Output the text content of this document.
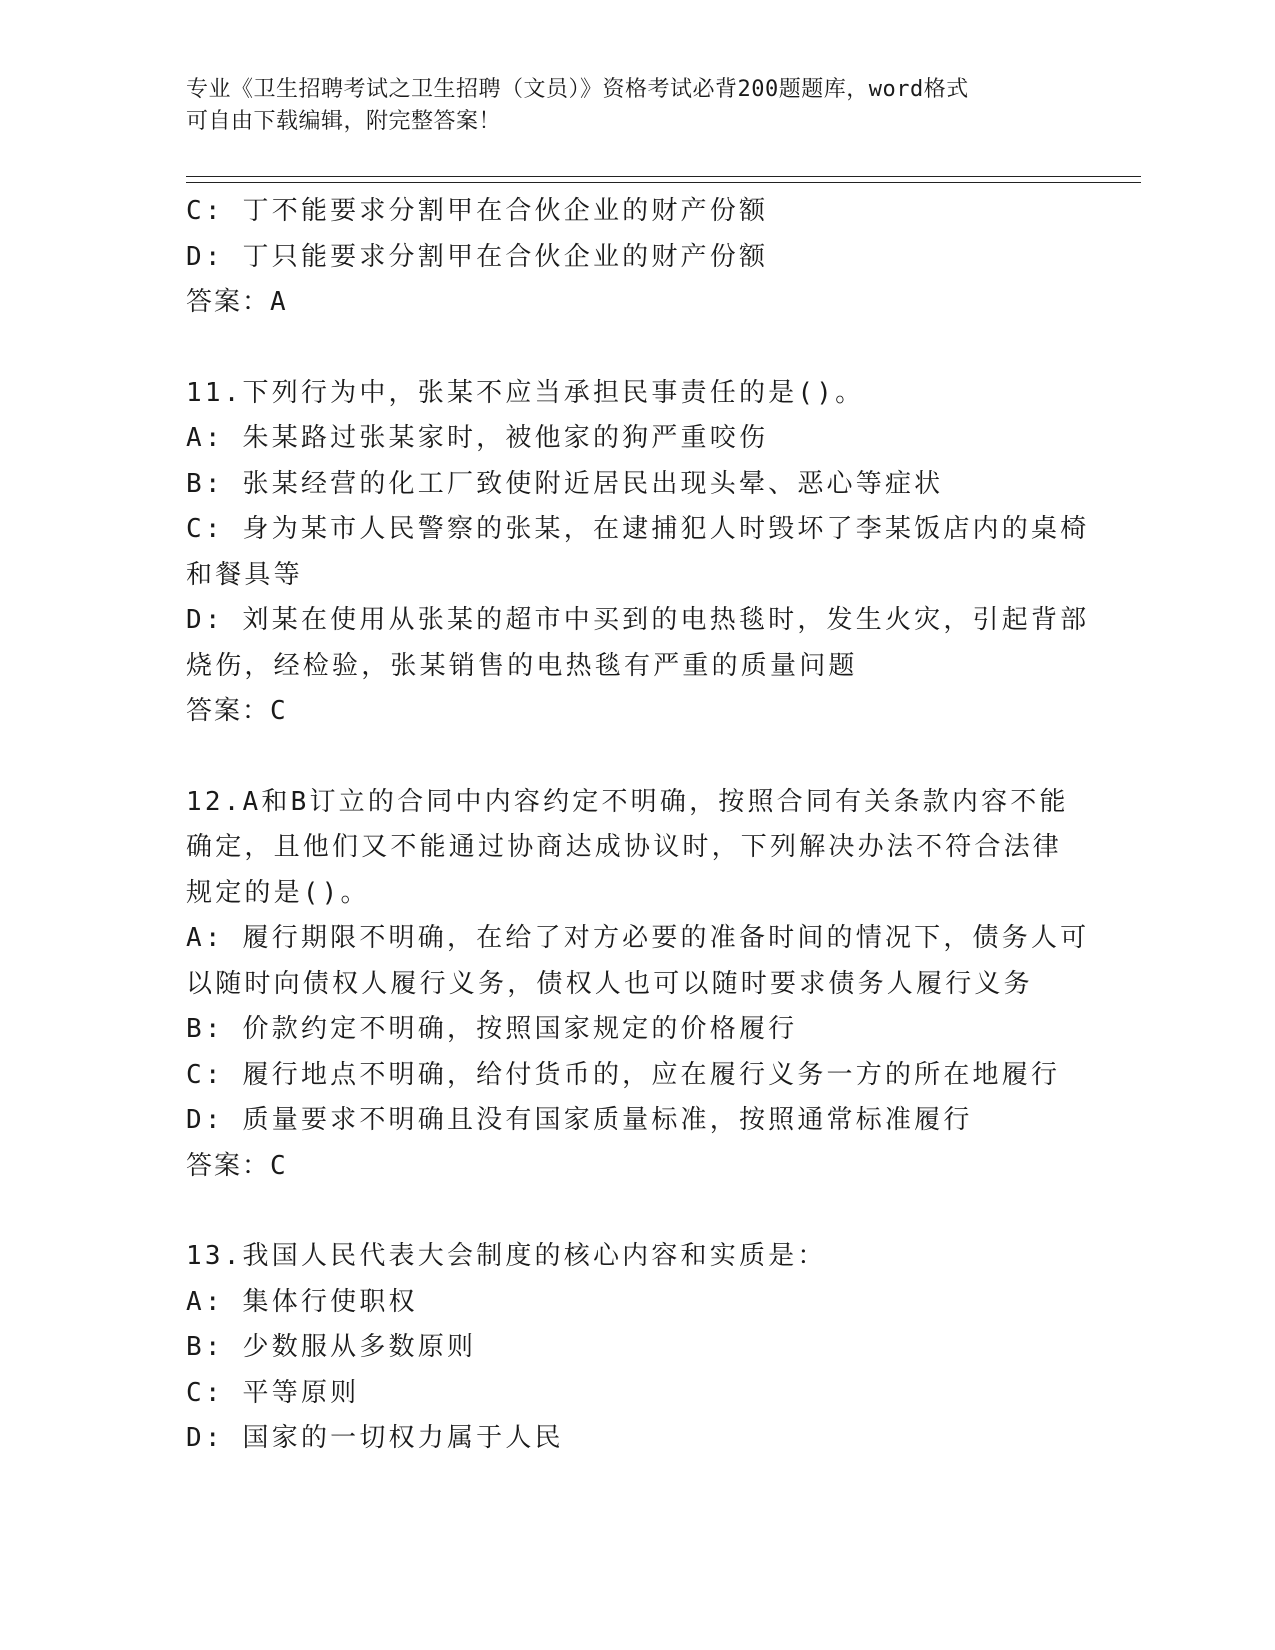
专业《卫生招聘考试之卫生招聘（文员）》资格考试必背200题题库，word格式
可自由下载编辑，附完整答案！
C: 丁不能要求分割甲在合伙企业的财产份额
D: 丁只能要求分割甲在合伙企业的财产份额
答案：A
11.下列行为中，张某不应当承担民事责任的是()。
A: 朱某路过张某家时，被他家的狗严重咬伤
B: 张某经营的化工厂致使附近居民出现头晕、恶心等症状
C: 身为某市人民警察的张某，在逮捕犯人时毁坏了李某饭店内的桌椅
和餐具等
D: 刘某在使用从张某的超市中买到的电热毯时，发生火灾，引起背部
烧伤，经检验，张某销售的电热毯有严重的质量问题
答案：C
12.A和B订立的合同中内容约定不明确，按照合同有关条款内容不能
确定，且他们又不能通过协商达成协议时，下列解决办法不符合法律
规定的是()。
A: 履行期限不明确，在给了对方必要的准备时间的情况下，债务人可
以随时向债权人履行义务，债权人也可以随时要求债务人履行义务
B: 价款约定不明确，按照国家规定的价格履行
C: 履行地点不明确，给付货币的，应在履行义务一方的所在地履行
D: 质量要求不明确且没有国家质量标准，按照通常标准履行
答案：C
13.我国人民代表大会制度的核心内容和实质是：
A: 集体行使职权
B: 少数服从多数原则
C: 平等原则
D: 国家的一切权力属于人民
